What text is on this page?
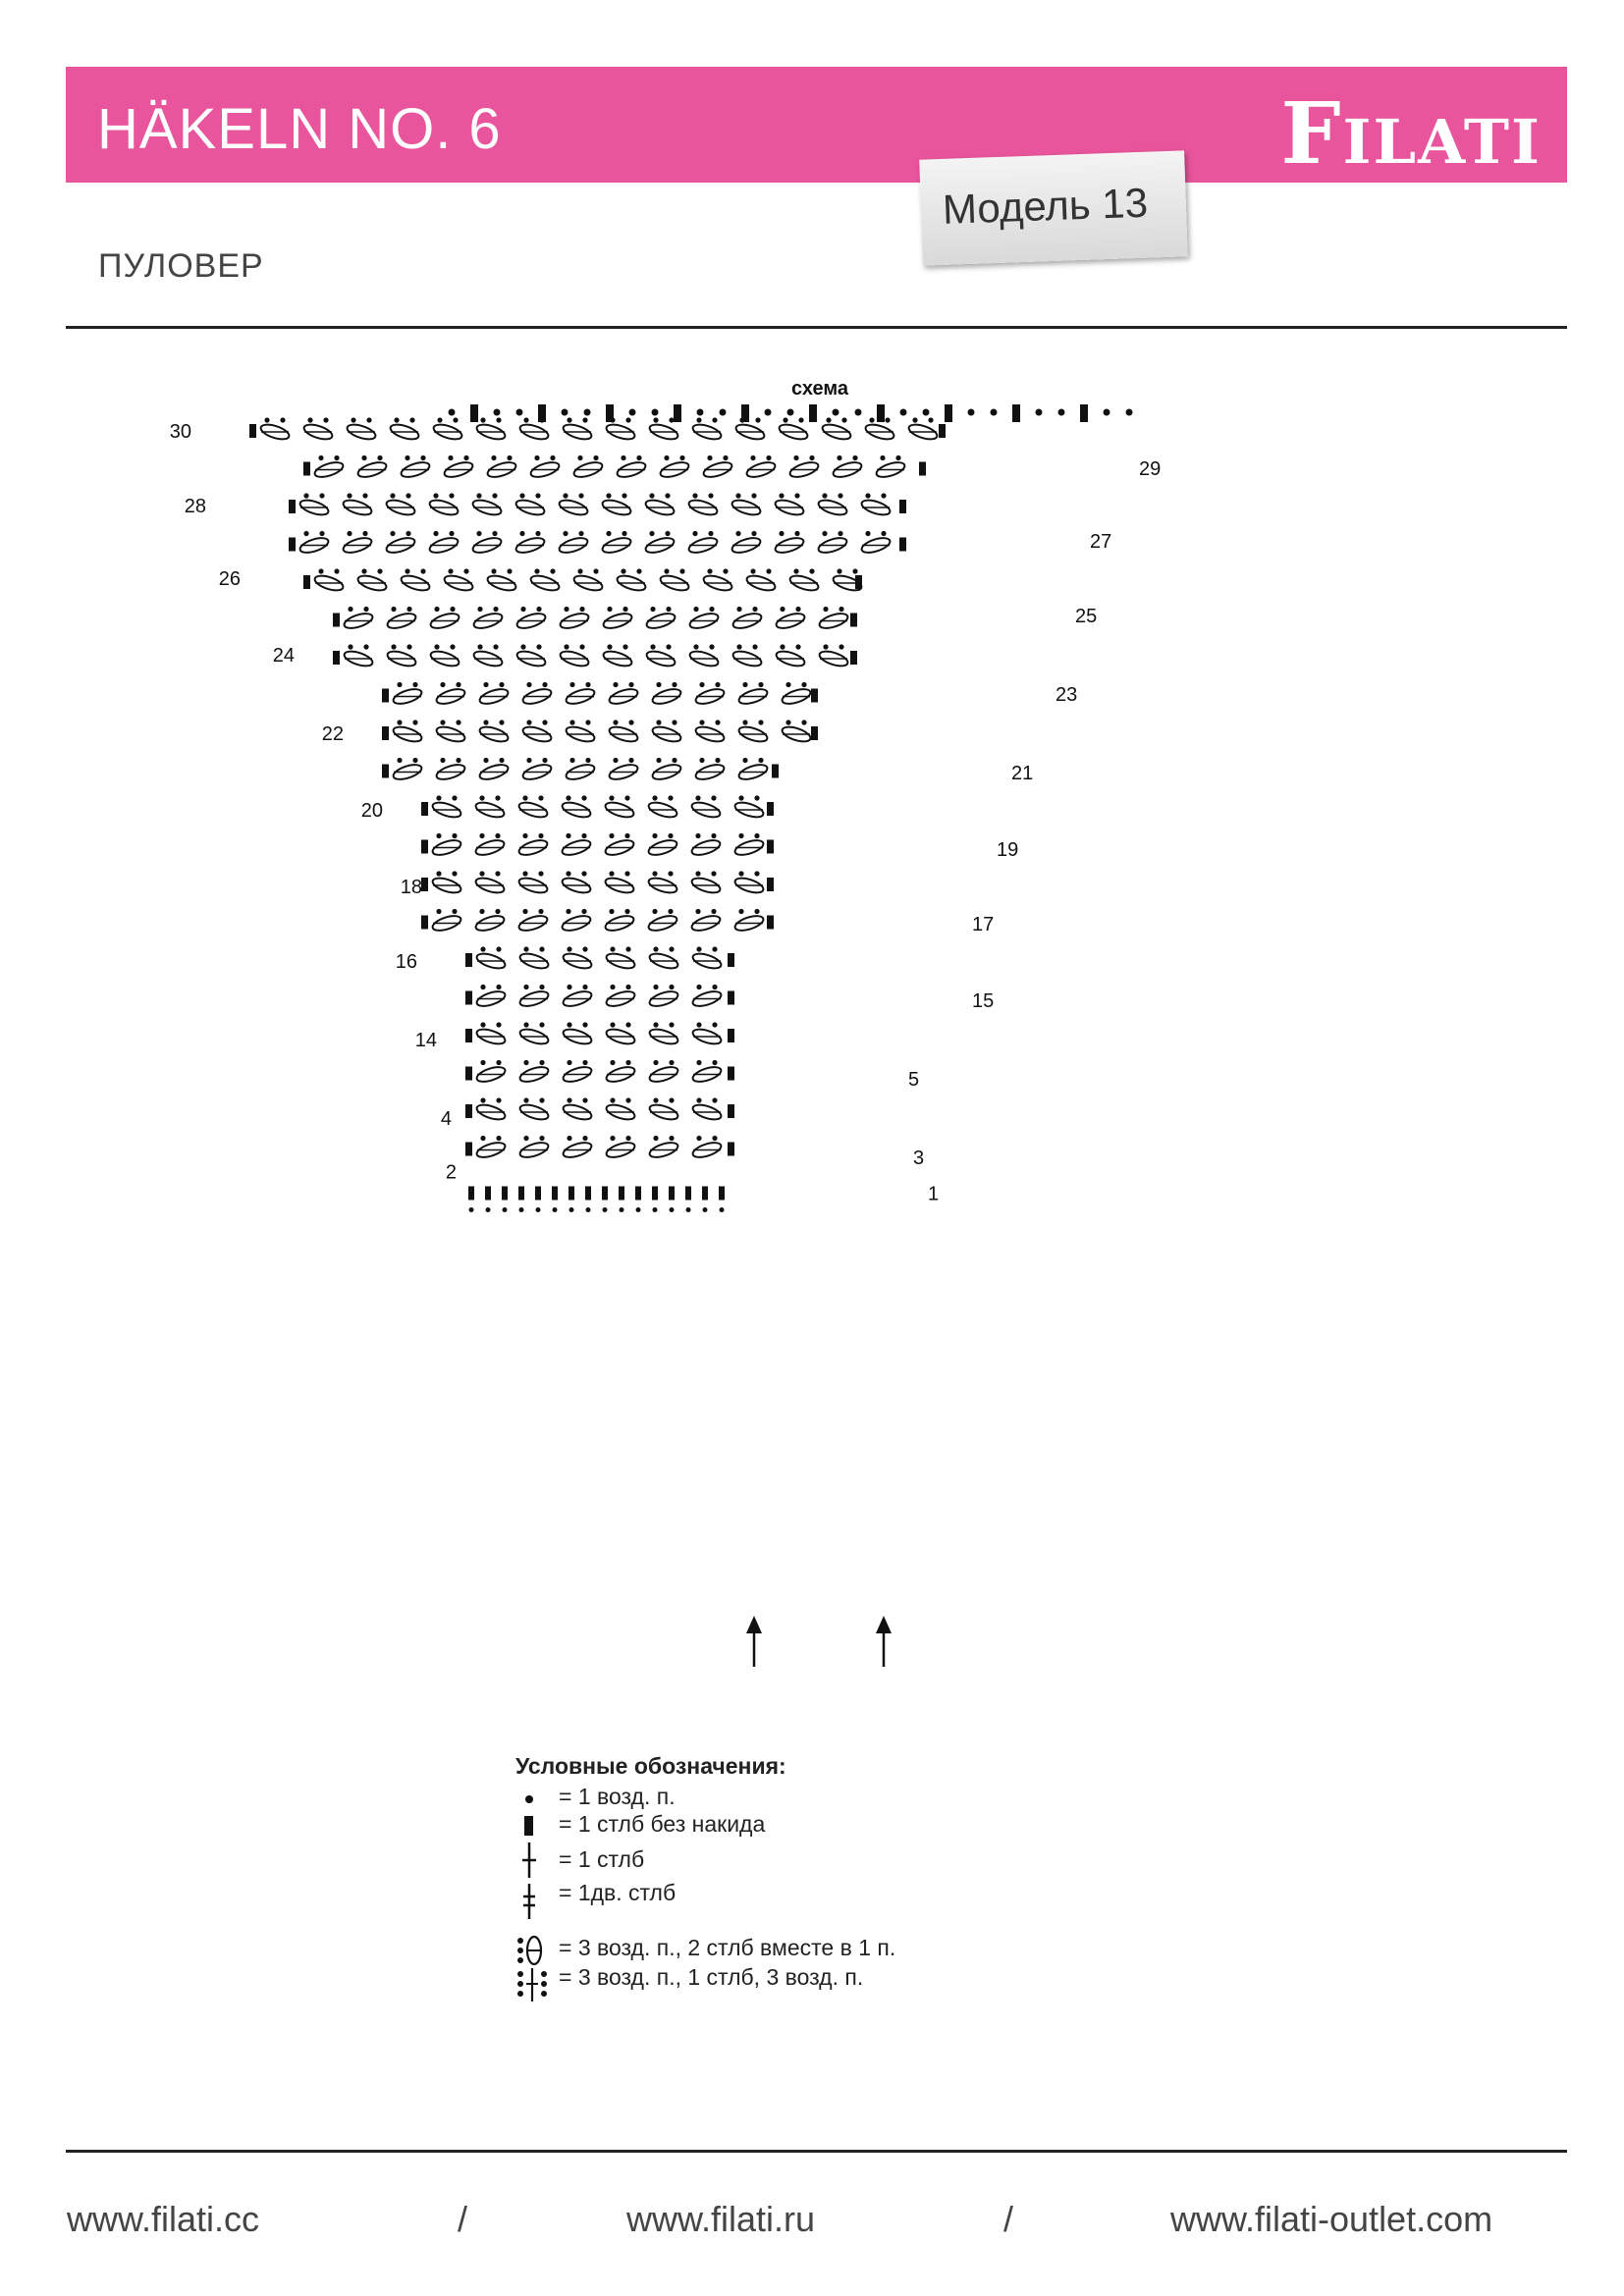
HÄKELN NO. 6	FILATI
Модель 13
ПУЛОВЕР
схема
30
28
26
24
22
20
18
16
14
4
2
29
27
25
23
21
19
17
15
5
3
1
Условные обозначения:
= 1 возд. п.
= 1 стлб без накида
= 1 стлб
= 1дв. стлб
= 3 возд. п., 2 стлб вместе в 1 п.
= 3 возд. п., 1 стлб, 3 возд. п.
www.filati.cc	/	www.filati.ru	/	www.filati-outlet.com
